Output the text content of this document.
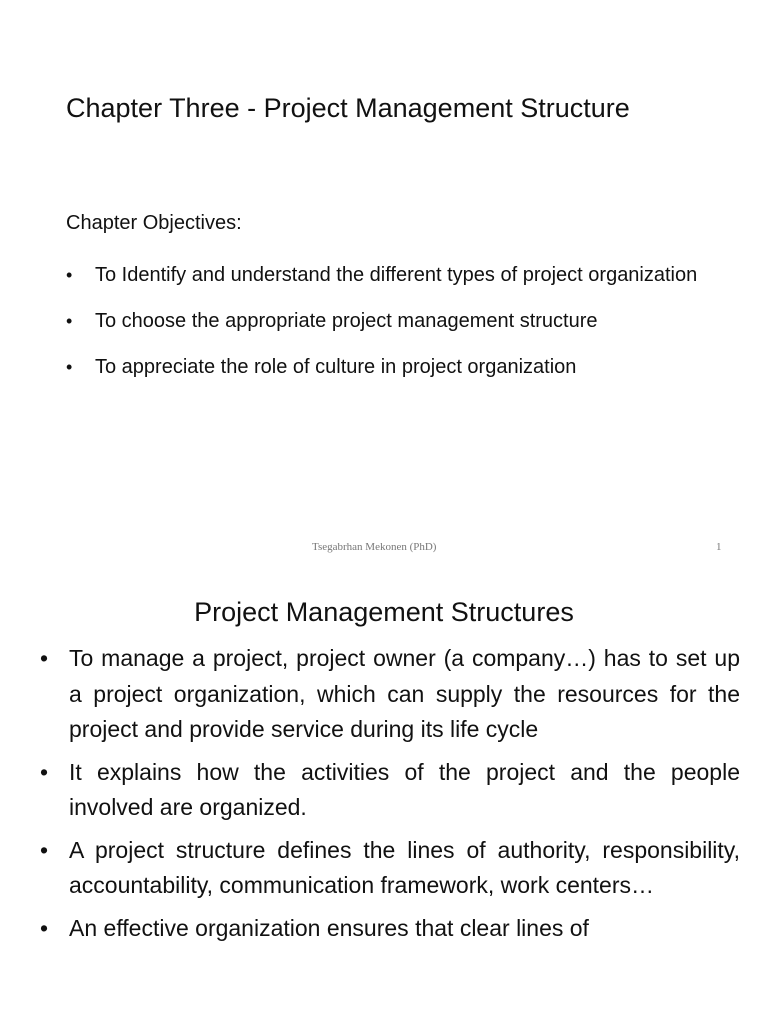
Chapter Three - Project Management Structure
Chapter Objectives:
• To Identify and understand the different types of project organization
• To choose the appropriate project management structure
• To appreciate the role of culture in project organization
Tsegabrhan Mekonen (PhD)	1
Project Management Structures
• To manage a project, project owner (a company…) has to set up a project organization, which can supply the resources for the project and provide service during its life cycle
• It explains how the activities of the project and the people involved are organized.
• A project structure defines the lines of authority, responsibility, accountability, communication framework, work centers…
• An effective organization ensures that clear lines of
